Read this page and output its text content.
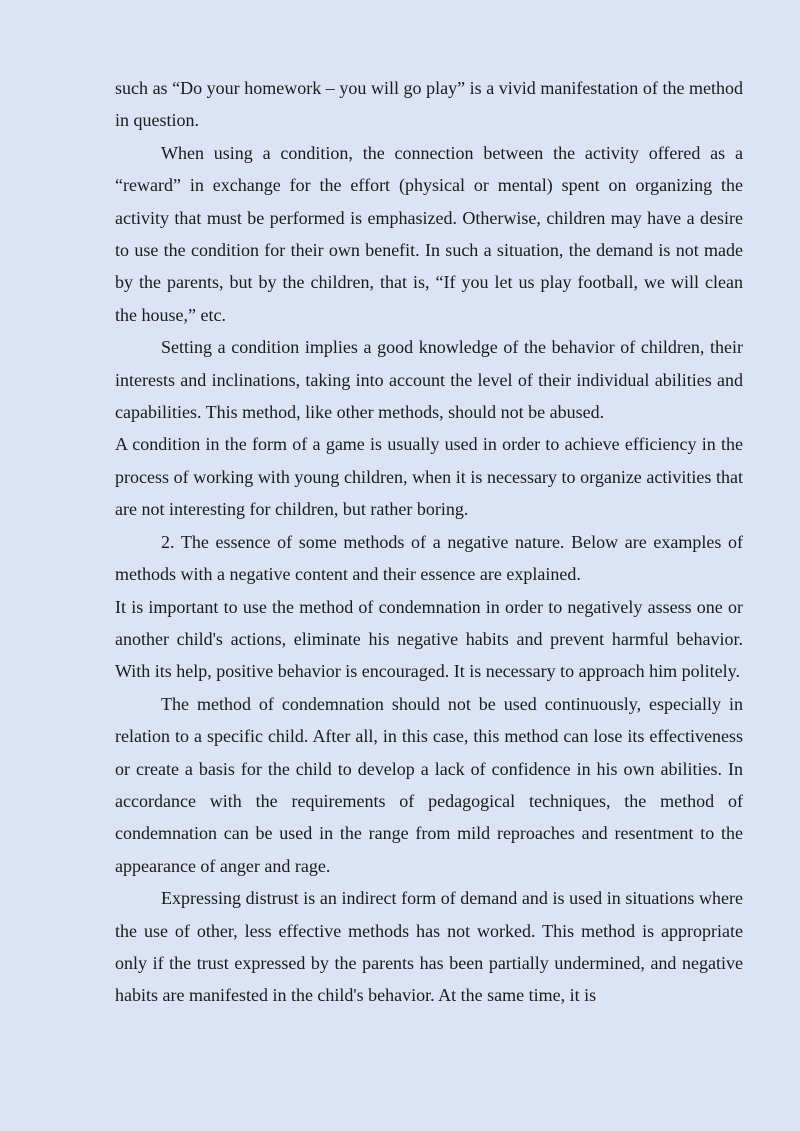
such as “Do your homework – you will go play” is a vivid manifestation of the method in question.

When using a condition, the connection between the activity offered as a “reward” in exchange for the effort (physical or mental) spent on organizing the activity that must be performed is emphasized. Otherwise, children may have a desire to use the condition for their own benefit. In such a situation, the demand is not made by the parents, but by the children, that is, “If you let us play football, we will clean the house,” etc.

Setting a condition implies a good knowledge of the behavior of children, their interests and inclinations, taking into account the level of their individual abilities and capabilities. This method, like other methods, should not be abused.

A condition in the form of a game is usually used in order to achieve efficiency in the process of working with young children, when it is necessary to organize activities that are not interesting for children, but rather boring.

2. The essence of some methods of a negative nature. Below are examples of methods with a negative content and their essence are explained.

It is important to use the method of condemnation in order to negatively assess one or another child's actions, eliminate his negative habits and prevent harmful behavior. With its help, positive behavior is encouraged. It is necessary to approach him politely.

The method of condemnation should not be used continuously, especially in relation to a specific child. After all, in this case, this method can lose its effectiveness or create a basis for the child to develop a lack of confidence in his own abilities. In accordance with the requirements of pedagogical techniques, the method of condemnation can be used in the range from mild reproaches and resentment to the appearance of anger and rage.

Expressing distrust is an indirect form of demand and is used in situations where the use of other, less effective methods has not worked. This method is appropriate only if the trust expressed by the parents has been partially undermined, and negative habits are manifested in the child's behavior. At the same time, it is
